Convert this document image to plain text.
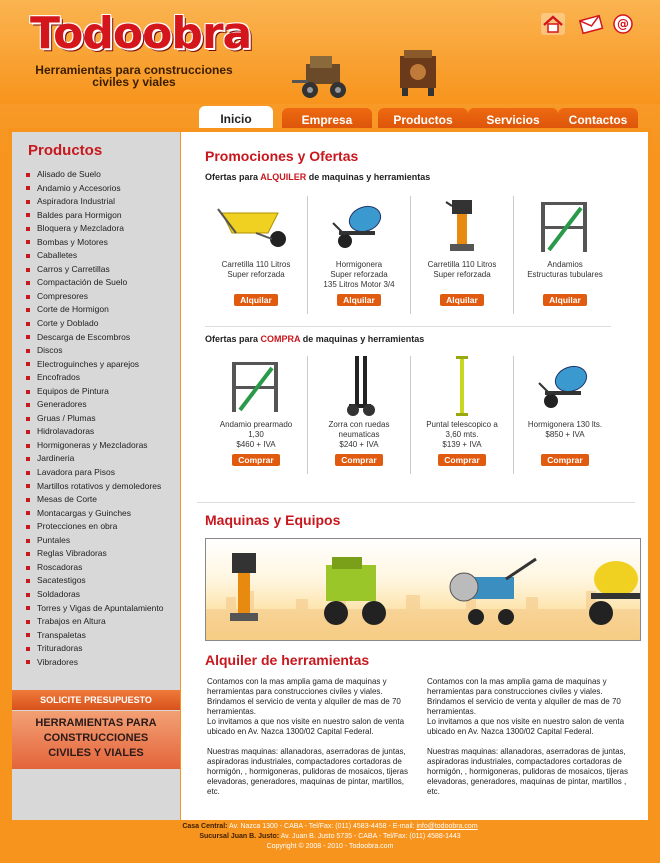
Todoobra
Herramientas para construcciones
civiles y viales
@
Inicio	Empresa	Productos	Servicios	Contactos
Productos
Alisado de Suelo
Andamio y Accesorios
Aspiradora Industrial
Baldes para Hormigon
Bloquera y Mezcladora
Bombas y Motores
Caballetes
Carros y Carretillas
Compactación de Suelo
Compresores
Corte de Hormigon
Corte y Doblado
Descarga de Escombros
Discos
Electroguinches y aparejos
Encofrados
Equipos de Pintura
Generadores
Gruas / Plumas
Hidrolavadoras
Hormigoneras y Mezcladoras
Jardineria
Lavadora para Pisos
Martillos rotativos y demoledores
Mesas de Corte
Montacargas y Guinches
Protecciones en obra
Puntales
Reglas Vibradoras
Roscadoras
Sacatestigos
Soldadoras
Torres y Vigas de Apuntalamiento
Trabajos en Altura
Transpaletas
Trituradoras
Vibradores
SOLICITE PRESUPUESTO
HERRAMIENTAS PARA
CONSTRUCCIONES
CIVILES Y VIALES
Promociones y Ofertas
Ofertas para ALQUILER de maquinas y herramientas
Carretilla 110 Litros
Super reforzada
Alquilar
Hormigonera
Super reforzada
135 Litros Motor 3/4
Alquilar
Carretilla 110 Litros
Super reforzada
Alquilar
Andamios
Estructuras tubulares
Alquilar
Ofertas para COMPRA de maquinas y herramientas
Andamio prearmado
1,30
$460 + IVA
Comprar
Zorra con ruedas
neumaticas
$240 + IVA
Comprar
Puntal telescopico a
3,60 mts.
$139 + IVA
Comprar
Hormigonera 130 lts.
$850 + IVA
Comprar
Maquinas y Equipos
Alquiler de herramientas

Contamos con la mas amplia gama de maquinas y herramientas para construcciones civiles y viales. Brindamos el servicio de venta y alquiler de mas de 70 herramientas.
Lo invitamos a que nos visite en nuestro salon de venta ubicado en Av. Nazca 1300/02 Capital Federal.

Nuestras maquinas: allanadoras, aserradoras de juntas, aspiradoras industriales, compactadores cortadoras de hormigón, , hormigoneras, pulidoras de mosaicos, tijeras elevadoras, generadores, maquinas de pintar, martillos, etc.

Contamos con la mas amplia gama de maquinas y herramientas para construcciones civiles y viales. Brindamos el servicio de venta y alquiler de mas de 70 herramientas.
Lo invitamos a que nos visite en nuestro salon de venta ubicado en Av. Nazca 1300/02 Capital Federal.

Nuestras maquinas: allanadoras, aserradoras de juntas, aspiradoras industriales, compactadores cortadoras de hormigón, , hormigoneras, pulidoras de mosaicos, tijeras elevadoras, generadores, maquinas de pintar, martillos , etc.

Casa Central: Av. Nazca 1300 - CABA - Tel/Fax: (011) 4583-4458 - E-mail: info@todoobra.com
Sucursal Juan B. Justo: Av. Juan B. Justo 5735 - CABA - Tel/Fax: (011) 4588-1443
Copyright © 2008 - 2010 - Todoobra.com
